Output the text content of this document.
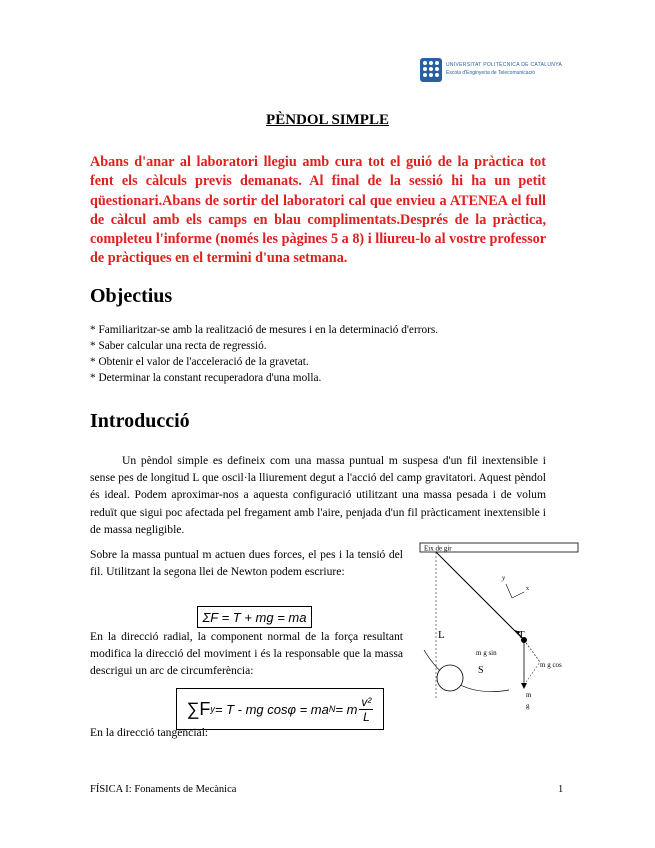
UNIVERSITAT POLITÈCNICA DE CATALUNYA
Escola d'Enginyeria de Telecomunicació
PÈNDOL SIMPLE
Abans d'anar al laboratori llegiu amb cura tot el guió de la pràctica tot fent els càlculs previs demanats. Al final de la sessió hi ha un petit qüestionari.Abans de sortir del laboratori cal que envieu a ATENEA el full de càlcul amb els camps en blau complimentats.Després de la pràctica, completeu l'informe (només les pàgines 5 a 8) i lliureu-lo al vostre professor de pràctiques en el termini d'una setmana.
Objectius
* Familiaritzar-se amb la realització de mesures i en la determinació d'errors.
* Saber calcular una recta de regressió.
* Obtenir el valor de l'acceleració de la gravetat.
* Determinar la constant recuperadora d'una molla.
Introducció

Un pèndol simple es defineix com una massa puntual m suspesa d'un fil inextensible i sense pes de longitud L que oscil·la lliurement degut a l'acció del camp gravitatori. Aquest pèndol és ideal. Podem aproximar-nos a aquesta configuració utilitzant una massa pesada i de volum reduït que sigui poc afectada pel fregament amb l'aire, penjada d'un fil pràcticament inextensible i de massa negligible.

Sobre la massa puntual m actuen dues forces, el pes i la tensió del fil. Utilitzant la segona llei de Newton podem escriure:
ΣF = T + mg = ma
En la direcció radial, la component normal de la força resultant modifica la direcció del moviment i és la responsable que la massa descrigui un arc de circumferència:
∑F y = T - mg cosφ = ma N = m $\frac{\text{v²}}{L}$
En la direcció tangencial:
Eix de gir
y
x
L	T
S
m g sin
m g cos
m
g
FÍSICA I: Fonaments de Mecànica	1
